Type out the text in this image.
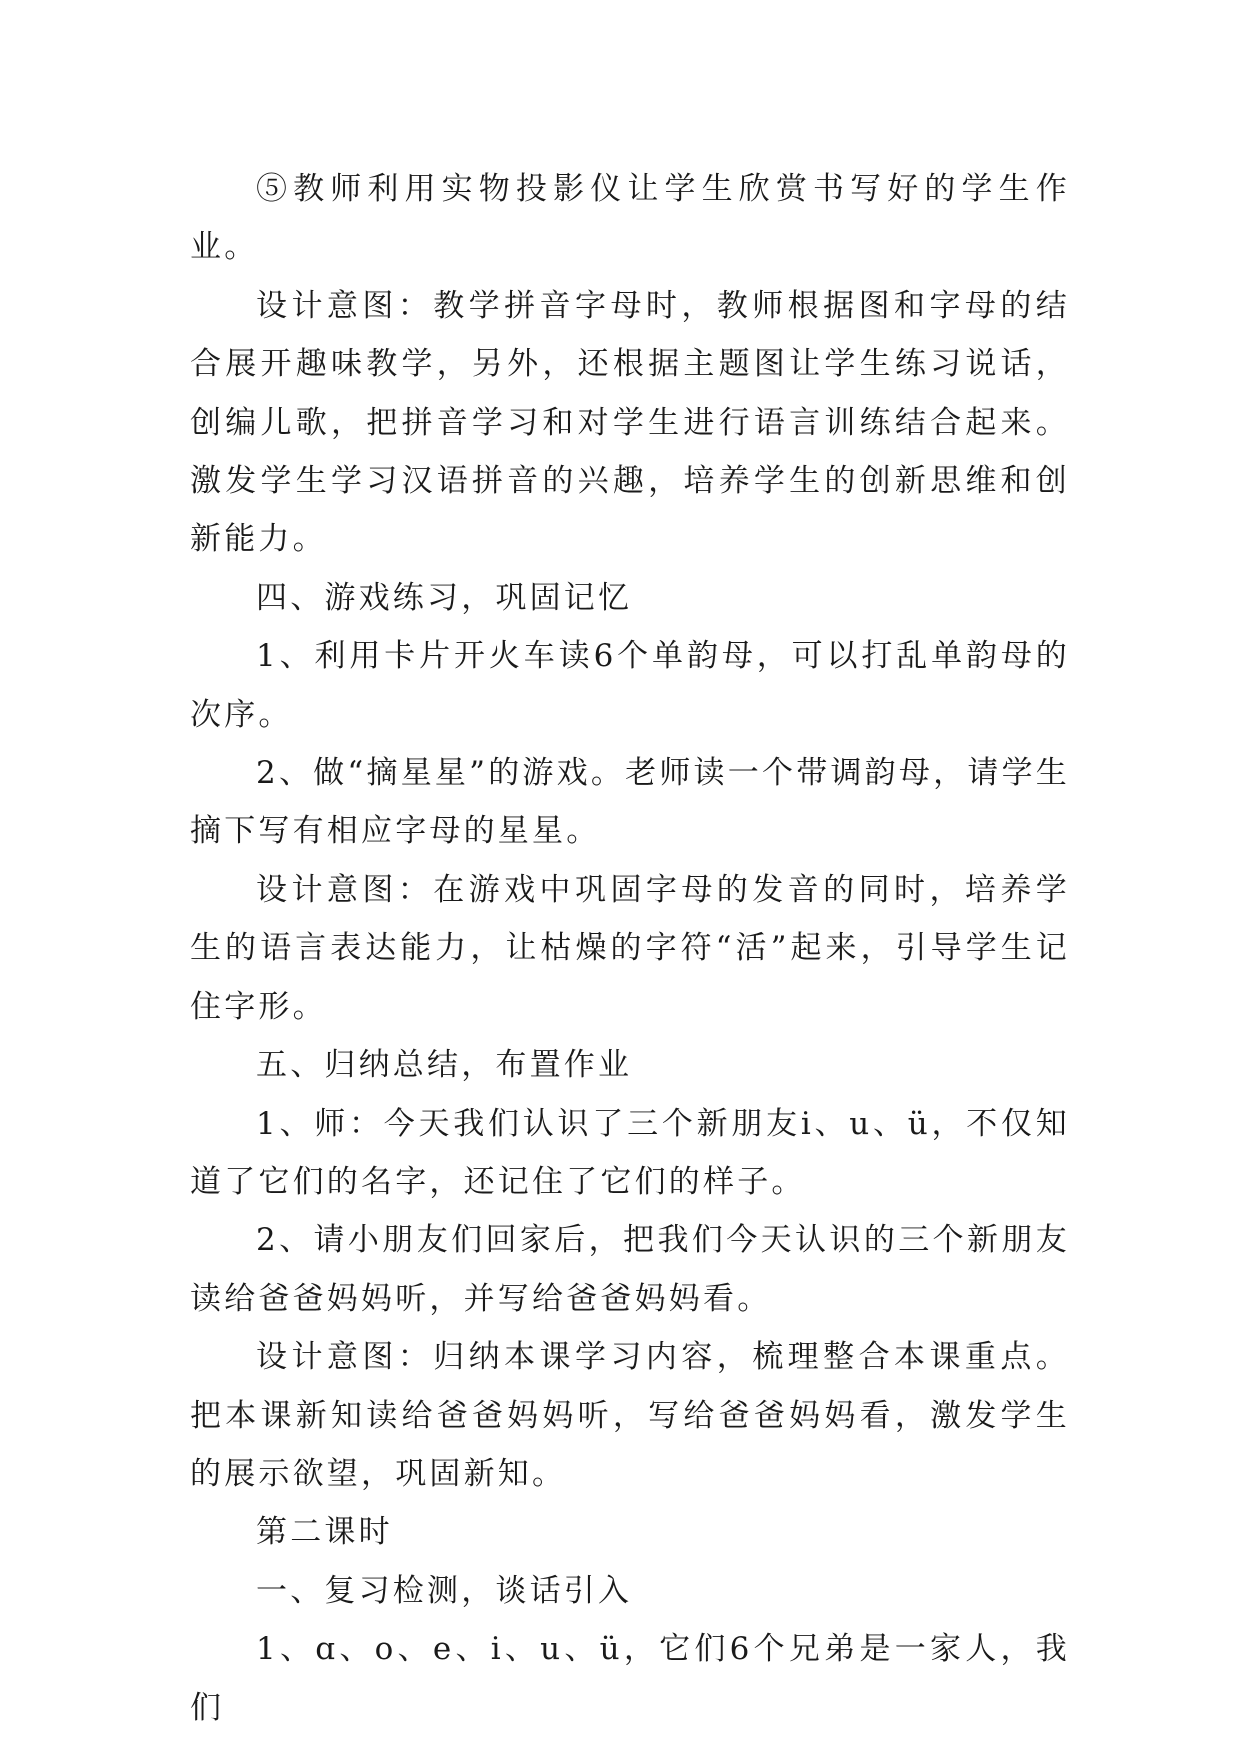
⑤教师利用实物投影仪让学生欣赏书写好的学生作业。

设计意图：教学拼音字母时，教师根据图和字母的结合展开趣味教学，另外，还根据主题图让学生练习说话，创编儿歌，把拼音学习和对学生进行语言训练结合起来。激发学生学习汉语拼音的兴趣，培养学生的创新思维和创新能力。

四、游戏练习，巩固记忆

1、利用卡片开火车读6个单韵母，可以打乱单韵母的次序。

2、做“摘星星”的游戏。老师读一个带调韵母，请学生摘下写有相应字母的星星。

设计意图：在游戏中巩固字母的发音的同时，培养学生的语言表达能力，让枯燥的字符“活”起来，引导学生记住字形。

五、归纳总结，布置作业

1、师：今天我们认识了三个新朋友i、u、ü，不仅知道了它们的名字，还记住了它们的样子。

2、请小朋友们回家后，把我们今天认识的三个新朋友读给爸爸妈妈听，并写给爸爸妈妈看。

设计意图：归纳本课学习内容，梳理整合本课重点。把本课新知读给爸爸妈妈听，写给爸爸妈妈看，激发学生的展示欲望，巩固新知。

第二课时

一、复习检测，谈话引入

1、ɑ、o、e、i、u、ü，它们6个兄弟是一家人，我们
